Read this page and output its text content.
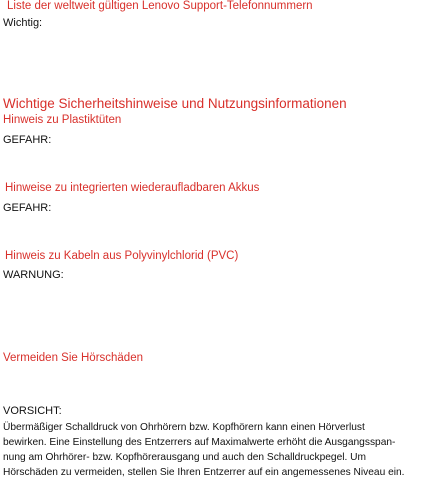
Liste der weltweit gültigen Lenovo Support-Telefonnummern
Wichtig:
Wichtige Sicherheitshinweise und Nutzungsinformationen
Hinweis zu Plastiktüten
GEFAHR:
Hinweise zu integrierten wiederaufladbaren Akkus
GEFAHR:
Hinweis zu Kabeln aus Polyvinylchlorid (PVC)
WARNUNG:
Vermeiden Sie Hörschäden
VORSICHT:
Übermäßiger Schalldruck von Ohrhörern bzw. Kopfhörern kann einen Hörverlust
bewirken. Eine Einstellung des Entzerrers auf Maximalwerte erhöht die Ausgangsspan-
nung am Ohrhörer- bzw. Kopfhörerausgang und auch den Schalldruckpegel. Um
Hörschäden zu vermeiden, stellen Sie Ihren Entzerrer auf ein angemessenes Niveau ein.
